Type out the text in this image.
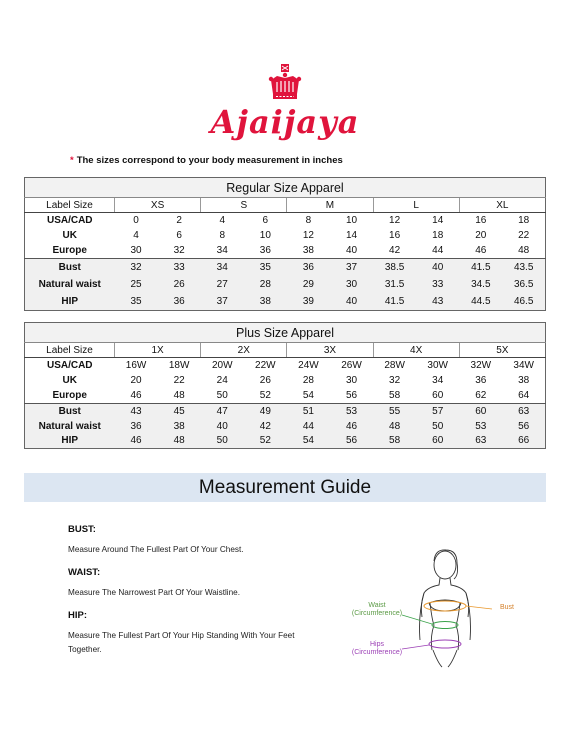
Ajaijaya
* The sizes correspond to your body measurement in inches
Regular Size Apparel										
Label Size	XS		S		M		L		XL	
USA/CAD	0	2	4	6	8	10	12	14	16	18
UK	4	6	8	10	12	14	16	18	20	22
Europe	30	32	34	36	38	40	42	44	46	48
Bust	32	33	34	35	36	37	38.5	40	41.5	43.5
Natural waist	25	26	27	28	29	30	31.5	33	34.5	36.5
HIP	35	36	37	38	39	40	41.5	43	44.5	46.5
Plus Size Apparel										
Label Size	1X		2X		3X		4X		5X	
USA/CAD	16W	18W	20W	22W	24W	26W	28W	30W	32W	34W
UK	20	22	24	26	28	30	32	34	36	38
Europe	46	48	50	52	54	56	58	60	62	64
Bust	43	45	47	49	51	53	55	57	60	63
Natural waist	36	38	40	42	44	46	48	50	53	56
HIP	46	48	50	52	54	56	58	60	63	66
Measurement Guide
BUST:
Measure Around The Fullest Part Of Your Chest.
WAIST:
Measure The Narrowest Part Of Your Waistline.
HIP:
Measure The Fullest Part Of Your Hip Standing With Your Feet Together.
Waist
(Circumference)
Bust
Hips
(Circumference)
